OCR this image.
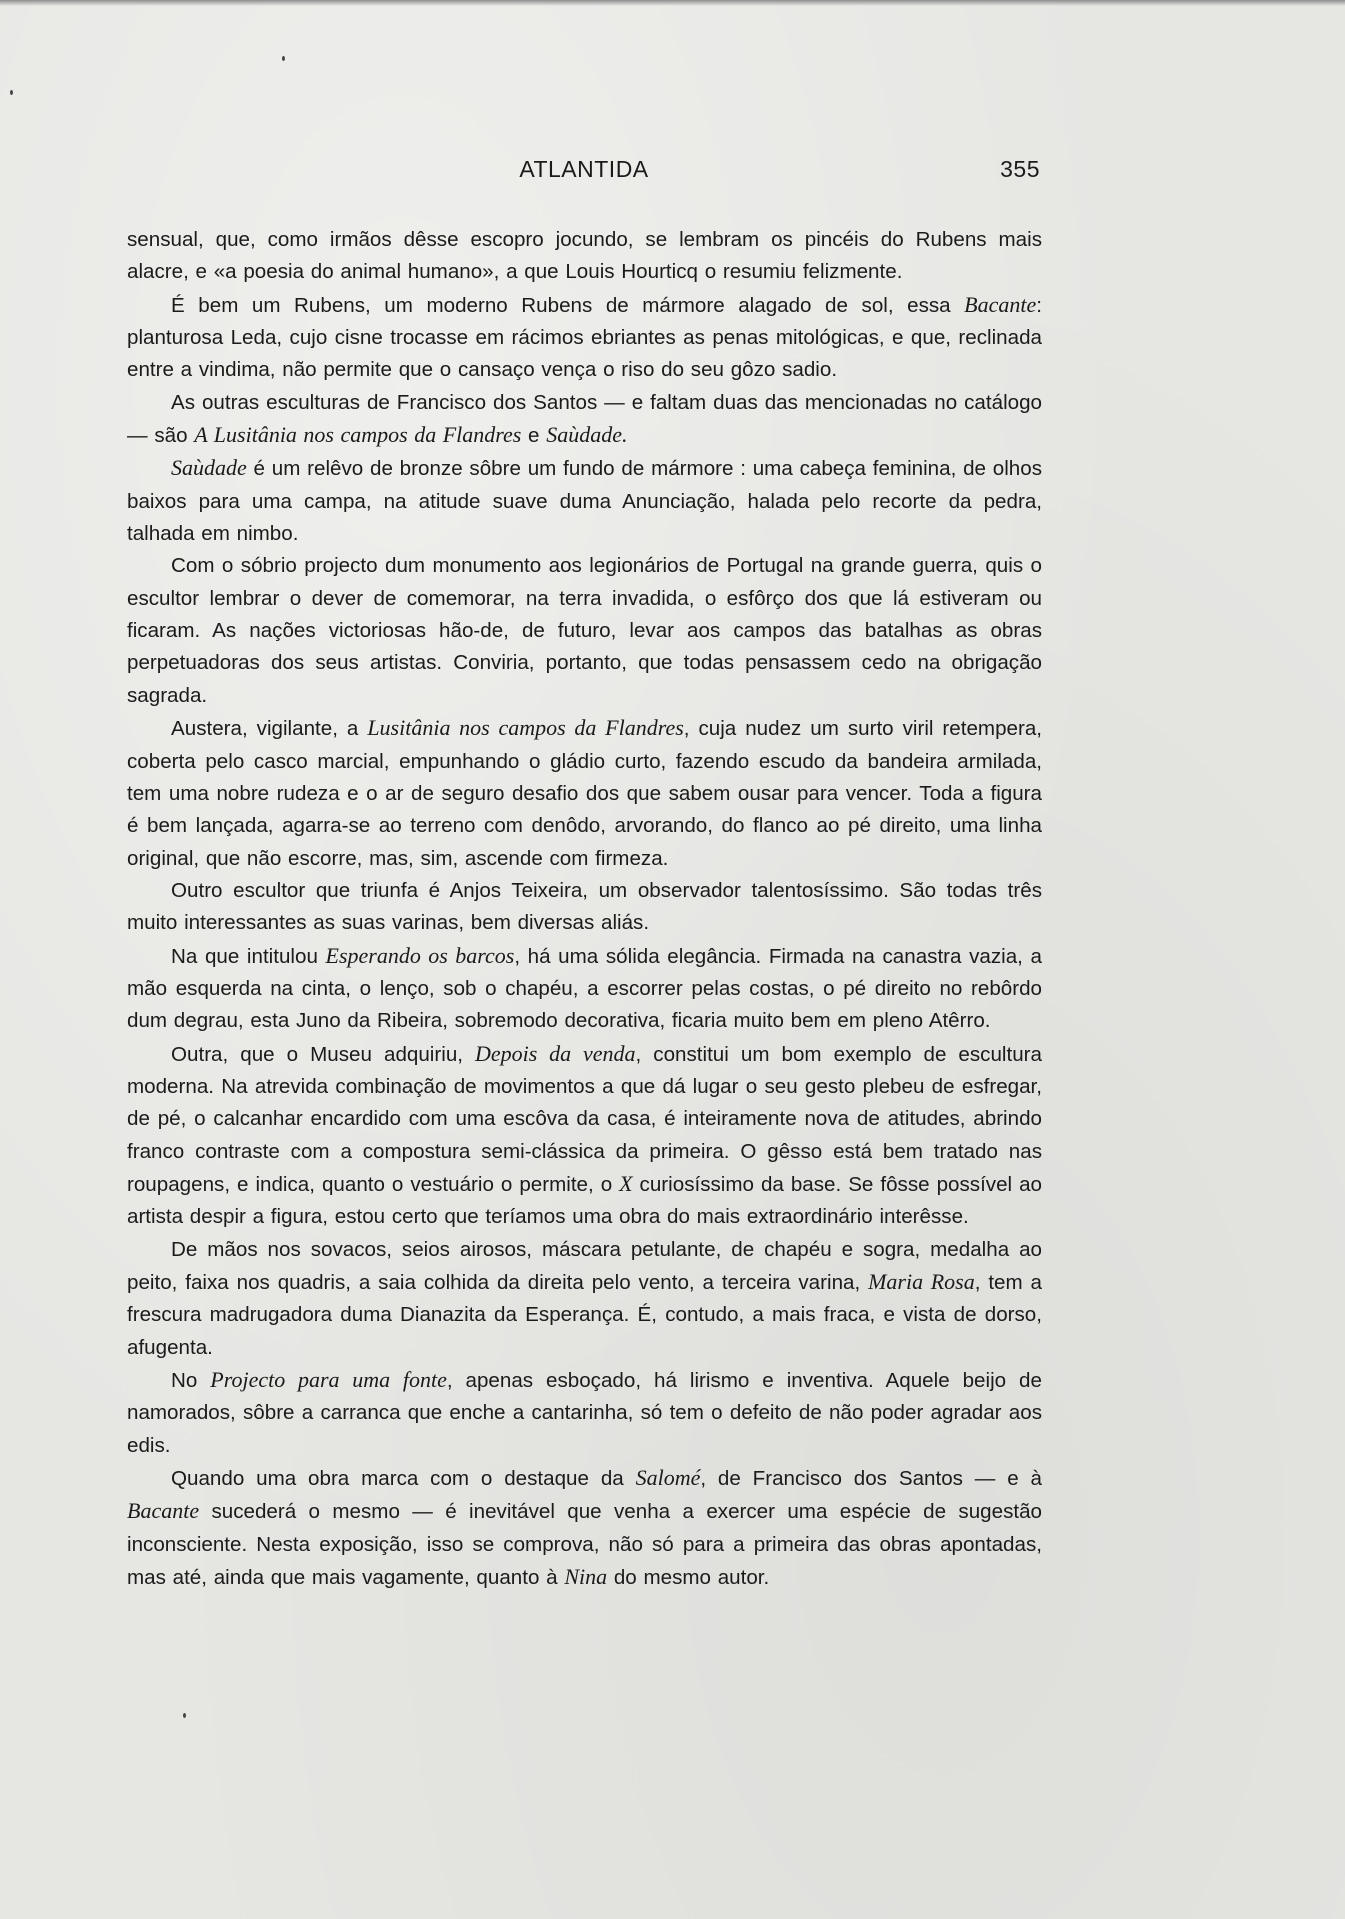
ATLANTIDA	355

sensual, que, como irmãos dêsse escopro jocundo, se lembram os pincéis do Rubens mais alacre, e «a poesia do animal humano», a que Louis Hourticq o resumiu felizmente.

É bem um Rubens, um moderno Rubens de mármore alagado de sol, essa Bacante: planturosa Leda, cujo cisne trocasse em rácimos ebriantes as penas mitológicas, e que, reclinada entre a vindima, não permite que o cansaço vença o riso do seu gôzo sadio.

As outras esculturas de Francisco dos Santos — e faltam duas das mencionadas no catálogo — são A Lusitânia nos campos da Flandres e Saùdade.

Saùdade é um relêvo de bronze sôbre um fundo de mármore : uma cabeça feminina, de olhos baixos para uma campa, na atitude suave duma Anunciação, halada pelo recorte da pedra, talhada em nimbo.

Com o sóbrio projecto dum monumento aos legionários de Portugal na grande guerra, quis o escultor lembrar o dever de comemorar, na terra invadida, o esfôrço dos que lá estiveram ou ficaram. As nações victoriosas hão-de, de futuro, levar aos campos das batalhas as obras perpetuadoras dos seus artistas. Conviria, portanto, que todas pensassem cedo na obrigação sagrada.

Austera, vigilante, a Lusitânia nos campos da Flandres, cuja nudez um surto viril retempera, coberta pelo casco marcial, empunhando o gládio curto, fazendo escudo da bandeira armilada, tem uma nobre rudeza e o ar de seguro desafio dos que sabem ousar para vencer. Toda a figura é bem lançada, agarra-se ao terreno com denôdo, arvorando, do flanco ao pé direito, uma linha original, que não escorre, mas, sim, ascende com firmeza.

Outro escultor que triunfa é Anjos Teixeira, um observador talentosíssimo. São todas três muito interessantes as suas varinas, bem diversas aliás.

Na que intitulou Esperando os barcos, há uma sólida elegância. Firmada na canastra vazia, a mão esquerda na cinta, o lenço, sob o chapéu, a escorrer pelas costas, o pé direito no rebôrdo dum degrau, esta Juno da Ribeira, sobremodo decorativa, ficaria muito bem em pleno Atêrro.

Outra, que o Museu adquiriu, Depois da venda, constitui um bom exemplo de escultura moderna. Na atrevida combinação de movimentos a que dá lugar o seu gesto plebeu de esfregar, de pé, o calcanhar encardido com uma escôva da casa, é inteiramente nova de atitudes, abrindo franco contraste com a compostura semi-clássica da primeira. O gêsso está bem tratado nas roupagens, e indica, quanto o vestuário o permite, o X curiosíssimo da base. Se fôsse possível ao artista despir a figura, estou certo que teríamos uma obra do mais extraordinário interêsse.

De mãos nos sovacos, seios airosos, máscara petulante, de chapéu e sogra, medalha ao peito, faixa nos quadris, a saia colhida da direita pelo vento, a terceira varina, Maria Rosa, tem a frescura madrugadora duma Dianazita da Esperança. É, contudo, a mais fraca, e vista de dorso, afugenta.

No Projecto para uma fonte, apenas esboçado, há lirismo e inventiva. Aquele beijo de namorados, sôbre a carranca que enche a cantarinha, só tem o defeito de não poder agradar aos edis.

Quando uma obra marca com o destaque da Salomé, de Francisco dos Santos — e à Bacante sucederá o mesmo — é inevitável que venha a exercer uma espécie de sugestão inconsciente. Nesta exposição, isso se comprova, não só para a primeira das obras apontadas, mas até, ainda que mais vagamente, quanto à Nina do mesmo autor.
